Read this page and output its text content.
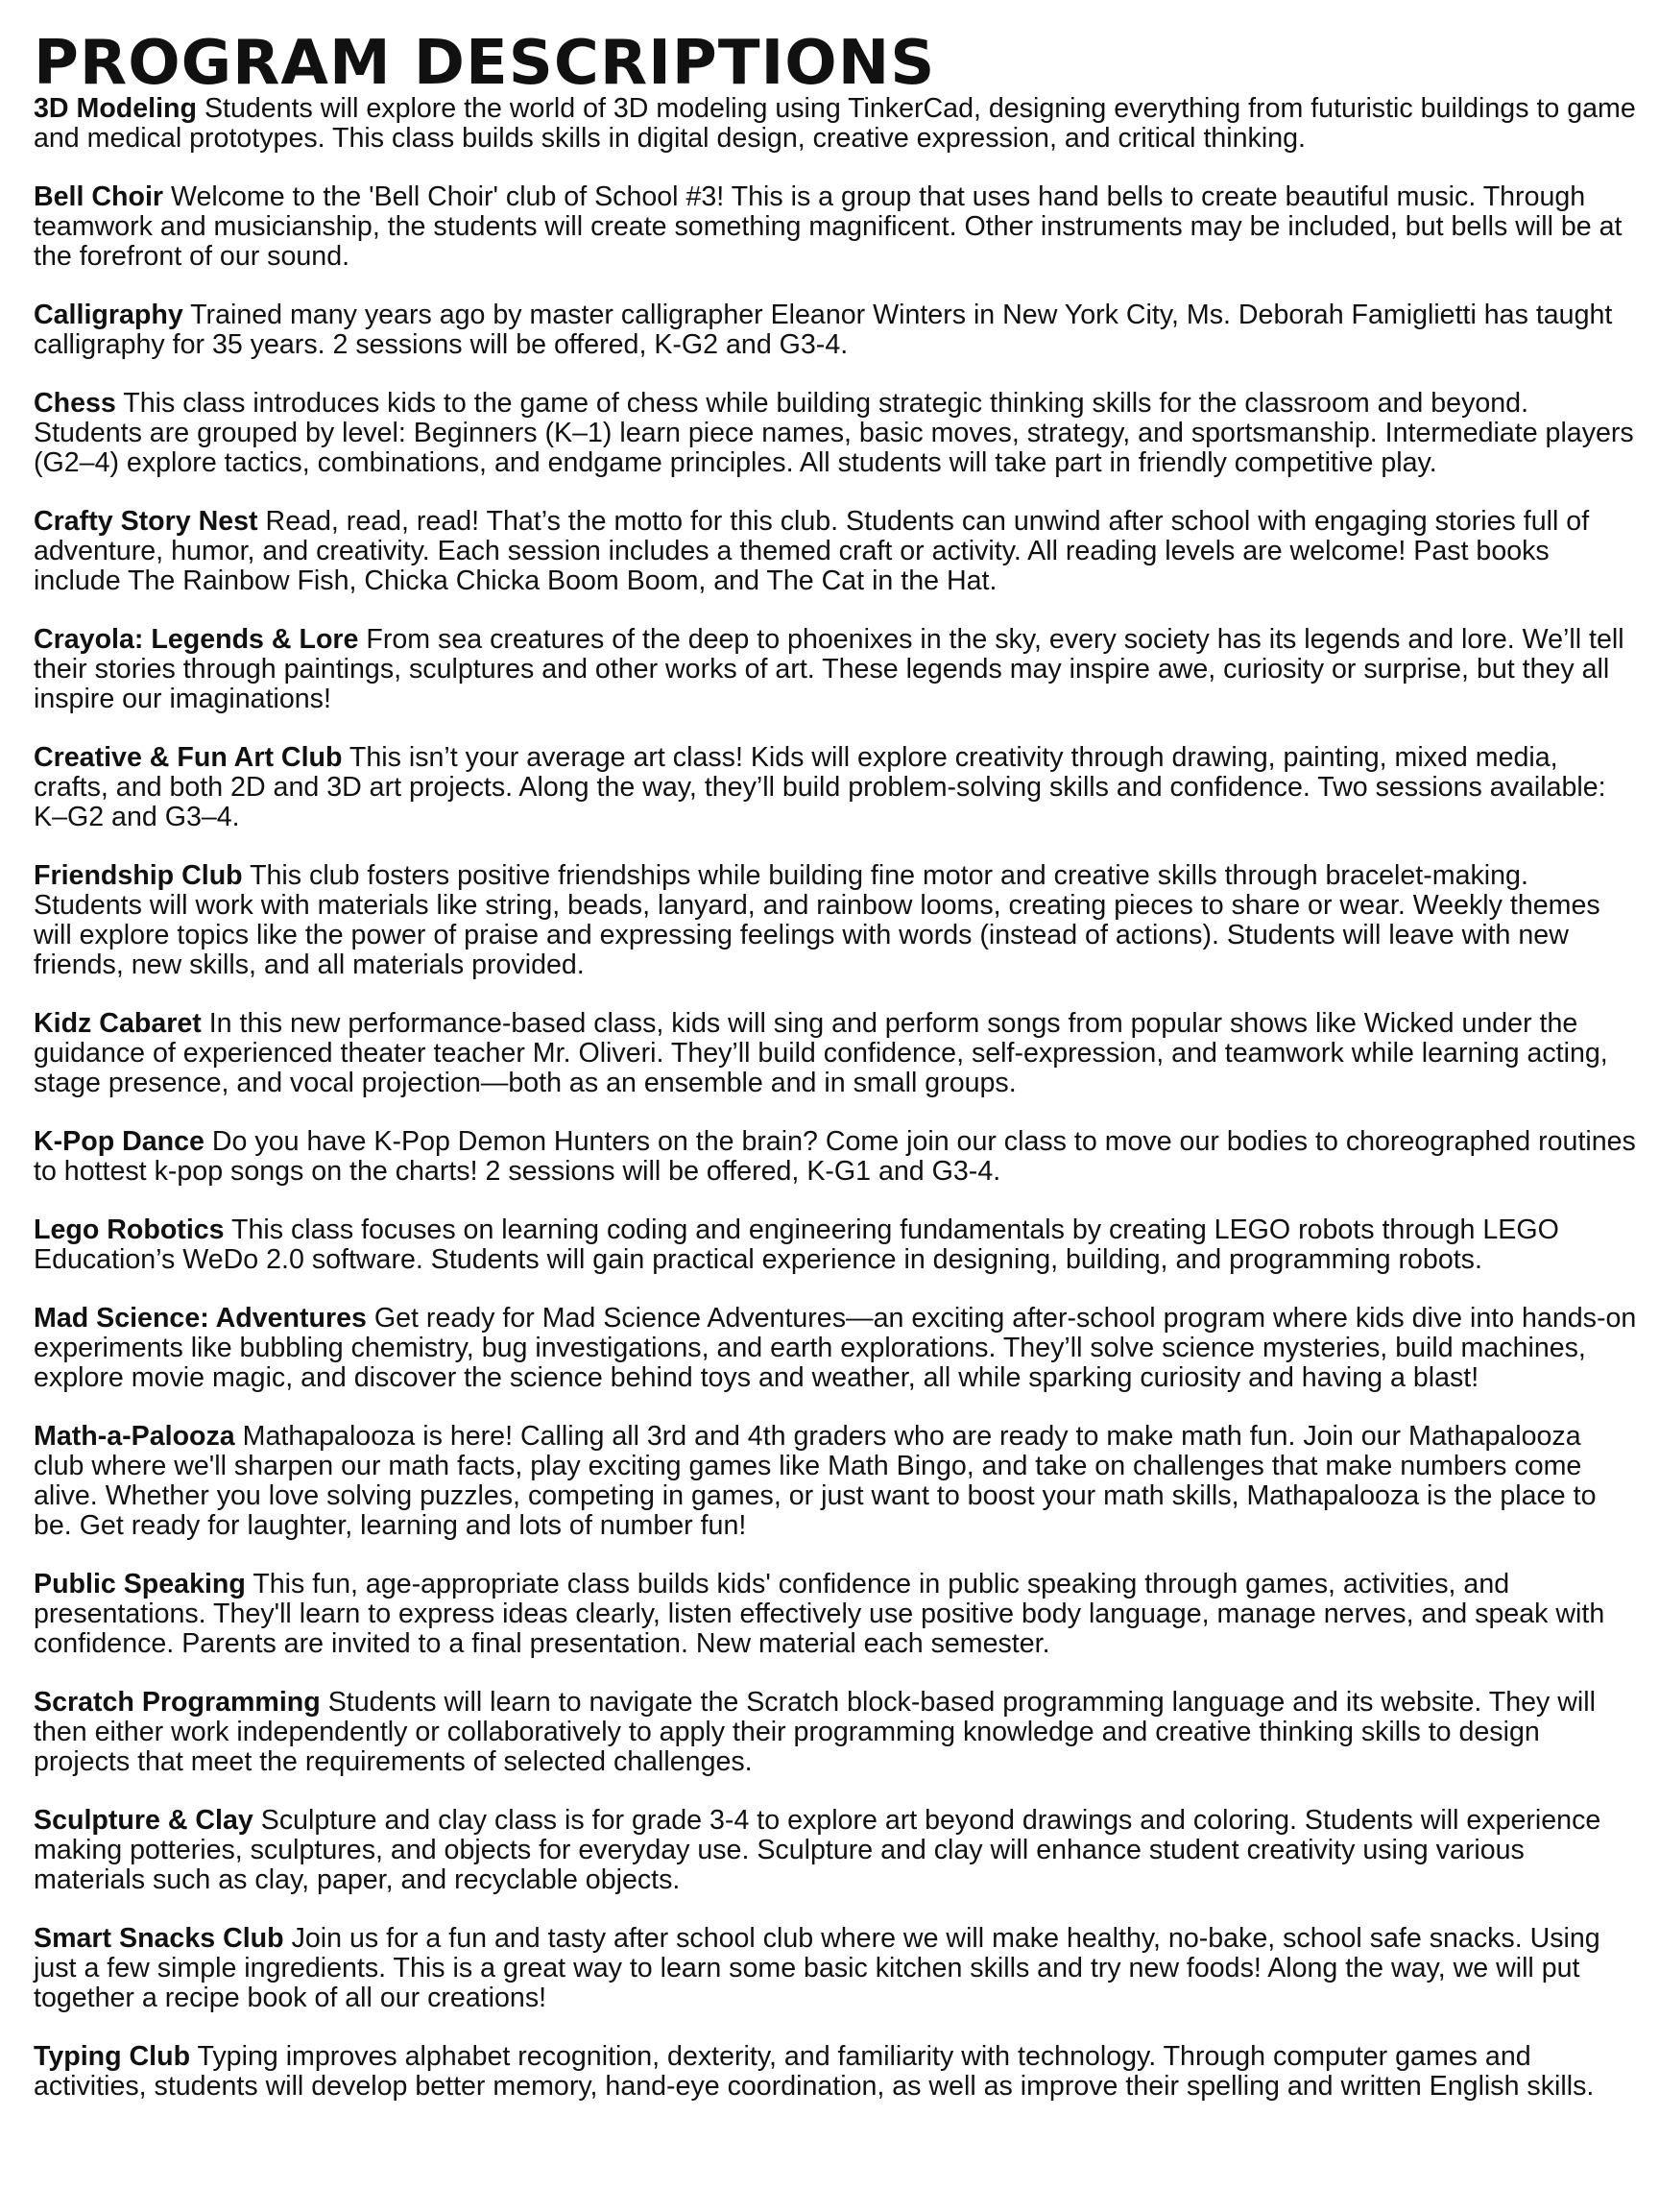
PROGRAM DESCRIPTIONS

3D Modeling Students will explore the world of 3D modeling using TinkerCad, designing everything from futuristic buildings to game and medical prototypes. This class builds skills in digital design, creative expression, and critical thinking.

Bell Choir Welcome to the 'Bell Choir' club of School #3! This is a group that uses hand bells to create beautiful music. Through teamwork and musicianship, the students will create something magnificent. Other instruments may be included, but bells will be at the forefront of our sound.

Calligraphy Trained many years ago by master calligrapher Eleanor Winters in New York City, Ms. Deborah Famiglietti has taught calligraphy for 35 years. 2 sessions will be offered, K-G2 and G3-4.

Chess This class introduces kids to the game of chess while building strategic thinking skills for the classroom and beyond. Students are grouped by level: Beginners (K–1) learn piece names, basic moves, strategy, and sportsmanship. Intermediate players (G2–4) explore tactics, combinations, and endgame principles. All students will take part in friendly competitive play.

Crafty Story Nest Read, read, read! That’s the motto for this club. Students can unwind after school with engaging stories full of adventure, humor, and creativity. Each session includes a themed craft or activity. All reading levels are welcome! Past books include The Rainbow Fish, Chicka Chicka Boom Boom, and The Cat in the Hat.

Crayola: Legends & Lore From sea creatures of the deep to phoenixes in the sky, every society has its legends and lore. We’ll tell their stories through paintings, sculptures and other works of art. These legends may inspire awe, curiosity or surprise, but they all inspire our imaginations!

Creative & Fun Art Club This isn’t your average art class! Kids will explore creativity through drawing, painting, mixed media, crafts, and both 2D and 3D art projects. Along the way, they’ll build problem-solving skills and confidence. Two sessions available: K–G2 and G3–4.

Friendship Club This club fosters positive friendships while building fine motor and creative skills through bracelet-making. Students will work with materials like string, beads, lanyard, and rainbow looms, creating pieces to share or wear. Weekly themes will explore topics like the power of praise and expressing feelings with words (instead of actions). Students will leave with new friends, new skills, and all materials provided.

Kidz Cabaret In this new performance-based class, kids will sing and perform songs from popular shows like Wicked under the guidance of experienced theater teacher Mr. Oliveri. They’ll build confidence, self-expression, and teamwork while learning acting, stage presence, and vocal projection—both as an ensemble and in small groups.

K-Pop Dance Do you have K-Pop Demon Hunters on the brain? Come join our class to move our bodies to choreographed routines to hottest k-pop songs on the charts! 2 sessions will be offered, K-G1 and G3-4.

Lego Robotics This class focuses on learning coding and engineering fundamentals by creating LEGO robots through LEGO Education’s WeDo 2.0 software. Students will gain practical experience in designing, building, and programming robots.

Mad Science: Adventures Get ready for Mad Science Adventures—an exciting after-school program where kids dive into hands-on experiments like bubbling chemistry, bug investigations, and earth explorations. They’ll solve science mysteries, build machines, explore movie magic, and discover the science behind toys and weather, all while sparking curiosity and having a blast!

Math-a-Palooza Mathapalooza is here! Calling all 3rd and 4th graders who are ready to make math fun. Join our Mathapalooza club where we'll sharpen our math facts, play exciting games like Math Bingo, and take on challenges that make numbers come alive. Whether you love solving puzzles, competing in games, or just want to boost your math skills, Mathapalooza is the place to be. Get ready for laughter, learning and lots of number fun!

Public Speaking This fun, age-appropriate class builds kids' confidence in public speaking through games, activities, and presentations. They'll learn to express ideas clearly, listen effectively use positive body language, manage nerves, and speak with confidence. Parents are invited to a final presentation. New material each semester.

Scratch Programming Students will learn to navigate the Scratch block-based programming language and its website. They will then either work independently or collaboratively to apply their programming knowledge and creative thinking skills to design projects that meet the requirements of selected challenges.

Sculpture & Clay Sculpture and clay class is for grade 3-4 to explore art beyond drawings and coloring. Students will experience making potteries, sculptures, and objects for everyday use. Sculpture and clay will enhance student creativity using various materials such as clay, paper, and recyclable objects.

Smart Snacks Club Join us for a fun and tasty after school club where we will make healthy, no-bake, school safe snacks. Using just a few simple ingredients. This is a great way to learn some basic kitchen skills and try new foods! Along the way, we will put together a recipe book of all our creations!

Typing Club Typing improves alphabet recognition, dexterity, and familiarity with technology. Through computer games and activities, students will develop better memory, hand-eye coordination, as well as improve their spelling and written English skills.
